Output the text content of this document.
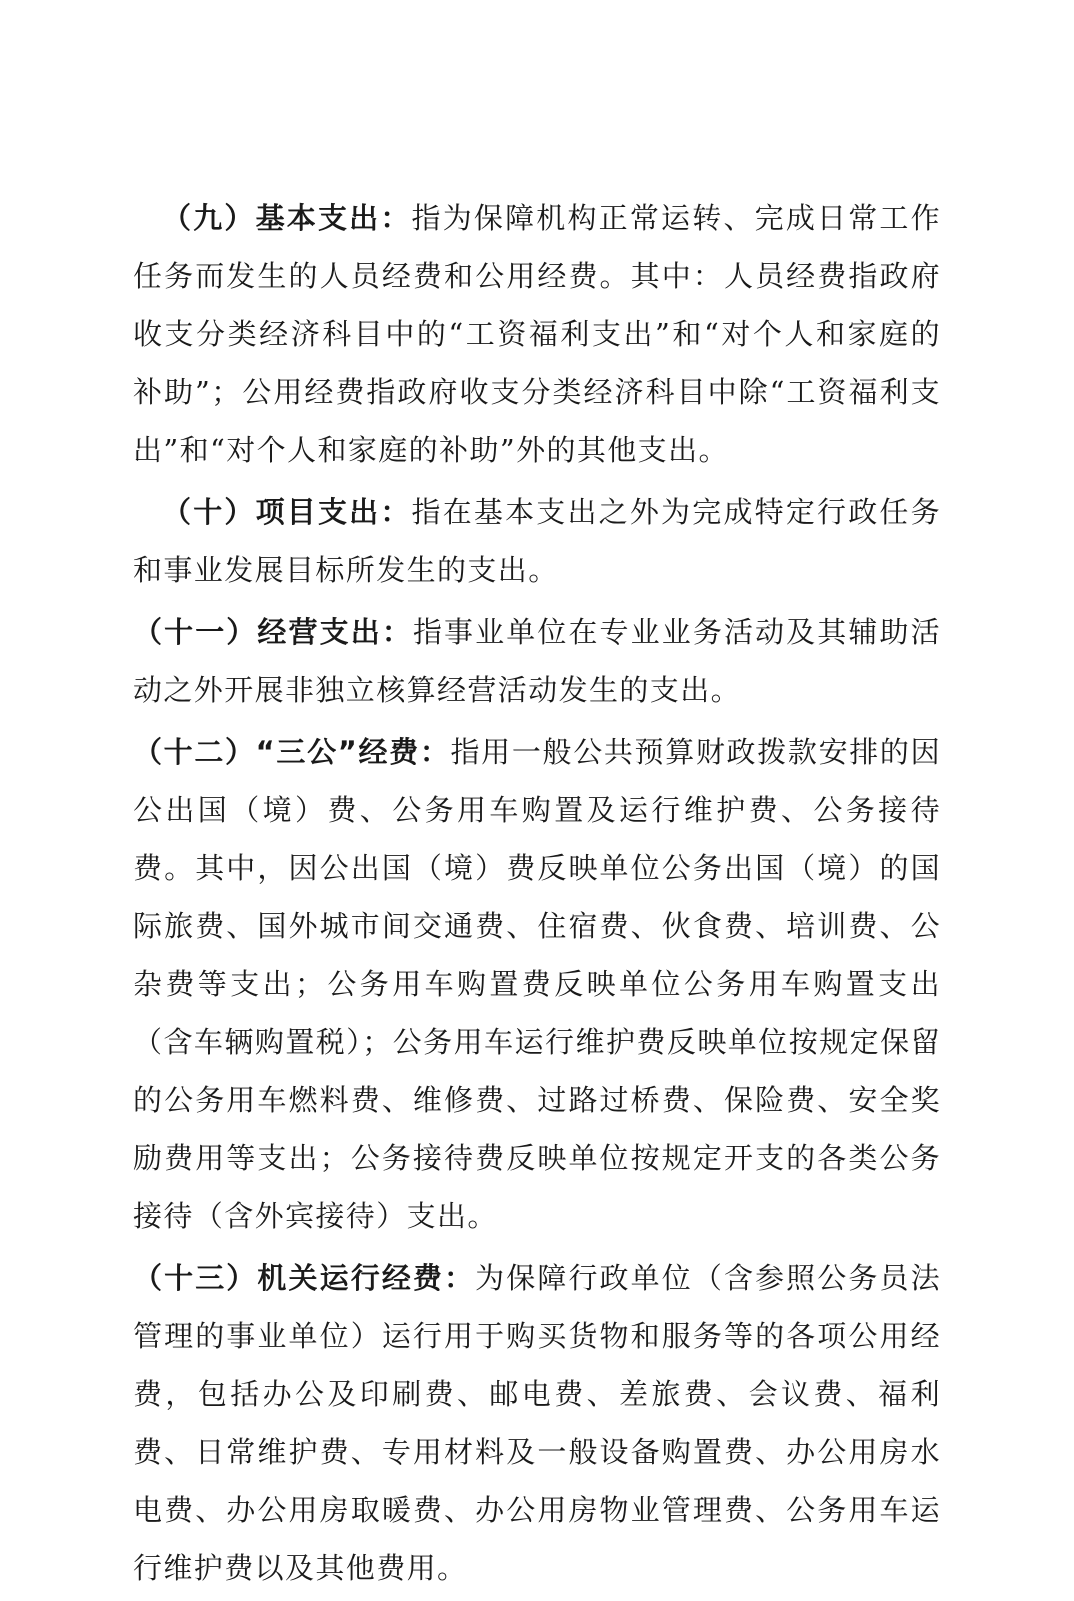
（九）基本支出：指为保障机构正常运转、完成日常工作任务而发生的人员经费和公用经费。其中：人员经费指政府收支分类经济科目中的“工资福利支出”和“对个人和家庭的补助”；公用经费指政府收支分类经济科目中除“工资福利支出”和“对个人和家庭的补助”外的其他支出。

（十）项目支出：指在基本支出之外为完成特定行政任务和事业发展目标所发生的支出。

（十一）经营支出：指事业单位在专业业务活动及其辅助活动之外开展非独立核算经营活动发生的支出。

（十二）“三公”经费：指用一般公共预算财政拨款安排的因公出国（境）费、公务用车购置及运行维护费、公务接待费。其中，因公出国（境）费反映单位公务出国（境）的国际旅费、国外城市间交通费、住宿费、伙食费、培训费、公杂费等支出；公务用车购置费反映单位公务用车购置支出（含车辆购置税）；公务用车运行维护费反映单位按规定保留的公务用车燃料费、维修费、过路过桥费、保险费、安全奖励费用等支出；公务接待费反映单位按规定开支的各类公务接待（含外宾接待）支出。

（十三）机关运行经费：为保障行政单位（含参照公务员法管理的事业单位）运行用于购买货物和服务等的各项公用经费，包括办公及印刷费、邮电费、差旅费、会议费、福利费、日常维护费、专用材料及一般设备购置费、办公用房水电费、办公用房取暖费、办公用房物业管理费、公务用车运行维护费以及其他费用。
